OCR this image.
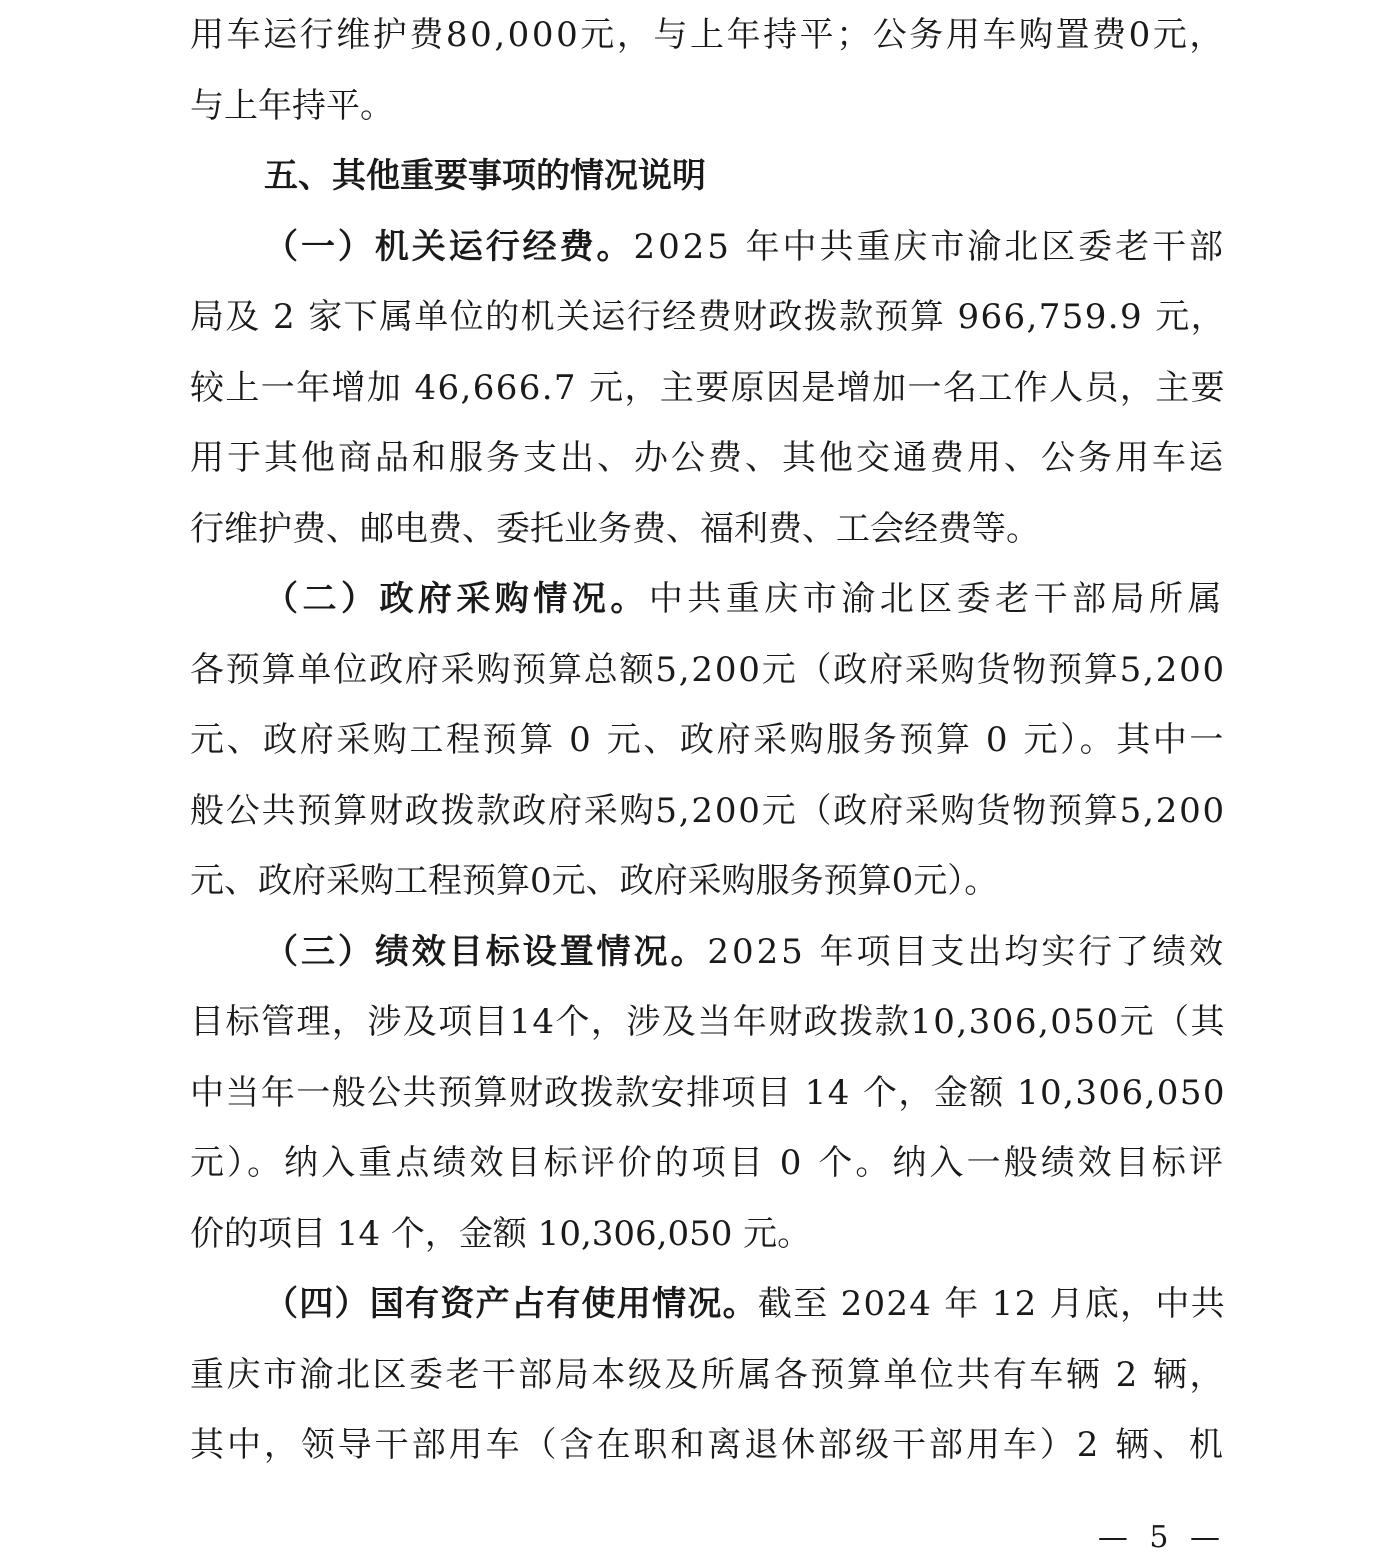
用车运行维护费80,000元，与上年持平；公务用车购置费0元，
与上年持平。
五、其他重要事项的情况说明
（一）机关运行经费。2025 年中共重庆市渝北区委老干部
局及 2 家下属单位的机关运行经费财政拨款预算 966,759.9 元，
较上一年增加 46,666.7 元，主要原因是增加一名工作人员，主要
用于其他商品和服务支出、办公费、其他交通费用、公务用车运
行维护费、邮电费、委托业务费、福利费、工会经费等。
（二）政府采购情况。中共重庆市渝北区委老干部局所属
各预算单位政府采购预算总额5,200元（政府采购货物预算5,200
元、政府采购工程预算 0 元、政府采购服务预算 0 元）。其中一
般公共预算财政拨款政府采购5,200元（政府采购货物预算5,200
元、政府采购工程预算0元、政府采购服务预算0元）。
（三）绩效目标设置情况。2025 年项目支出均实行了绩效
目标管理，涉及项目14个，涉及当年财政拨款10,306,050元（其
中当年一般公共预算财政拨款安排项目 14 个，金额 10,306,050
元）。纳入重点绩效目标评价的项目 0 个。纳入一般绩效目标评
价的项目 14 个，金额 10,306,050 元。
（四）国有资产占有使用情况。截至 2024 年 12 月底，中共
重庆市渝北区委老干部局本级及所属各预算单位共有车辆 2 辆，
其中，领导干部用车（含在职和离退休部级干部用车）2 辆、机
— 5 —
